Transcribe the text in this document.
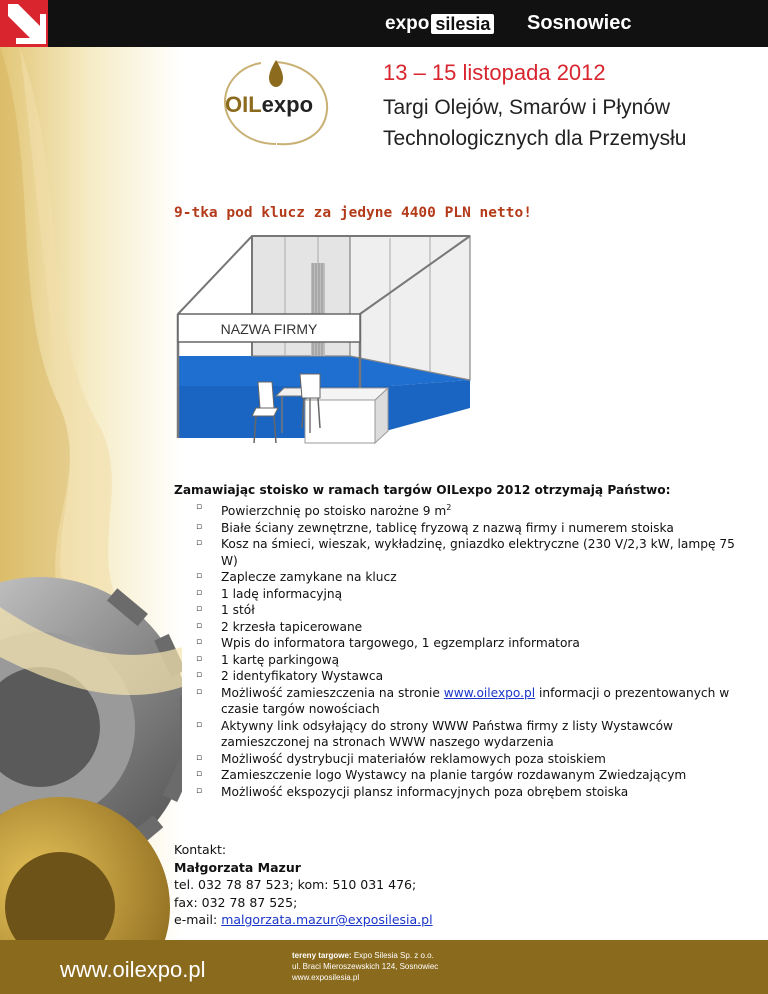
expo silesia Sosnowiec
OILexpo
13 – 15 listopada 2012
Targi Olejów, Smarów i Płynów
Technologicznych dla Przemysłu
9-tka pod klucz za jedyne 4400 PLN netto!
NAZWA FIRMY
Zamawiając stoisko w ramach targów OILexpo 2012 otrzymają Państwo:
▫ Powierzchnię po stoisko narożne 9 $m^2$
▫ Białe ściany zewnętrzne, tablicę fryzową z nazwą firmy i numerem stoiska
▫ Kosz na śmieci, wieszak, wykładzinę, gniazdko elektryczne (230 V/2,3 kW, lampę 75 W)
▫ Zaplecze zamykane na klucz
▫ 1 ladę informacyjną
▫ 1 stół
▫ 2 krzesła tapicerowane
▫ Wpis do informatora targowego, 1 egzemplarz informatora
▫ 1 kartę parkingową
▫ 2 identyfikatory Wystawca
▫ Możliwość zamieszczenia na stronie www.oilexpo.pl informacji o prezentowanych w czasie targów nowościach
▫ Aktywny link odsyłający do strony WWW Państwa firmy z listy Wystawców zamieszczonej na stronach WWW naszego wydarzenia
▫ Możliwość dystrybucji materiałów reklamowych poza stoiskiem
▫ Zamieszczenie logo Wystawcy na planie targów rozdawanym Zwiedzającym
▫ Możliwość ekspozycji plansz informacyjnych poza obrębem stoiska
Kontakt:
Małgorzata Mazur
tel. 032 78 87 523; kom: 510 031 476;
fax: 032 78 87 525;
e-mail: malgorzata.mazur@exposilesia.pl
www.oilexpo.pl
tereny targowe: Expo Silesia Sp. z o.o.
ul. Braci Mieroszewskich 124, Sosnowiec
www.exposilesia.pl
